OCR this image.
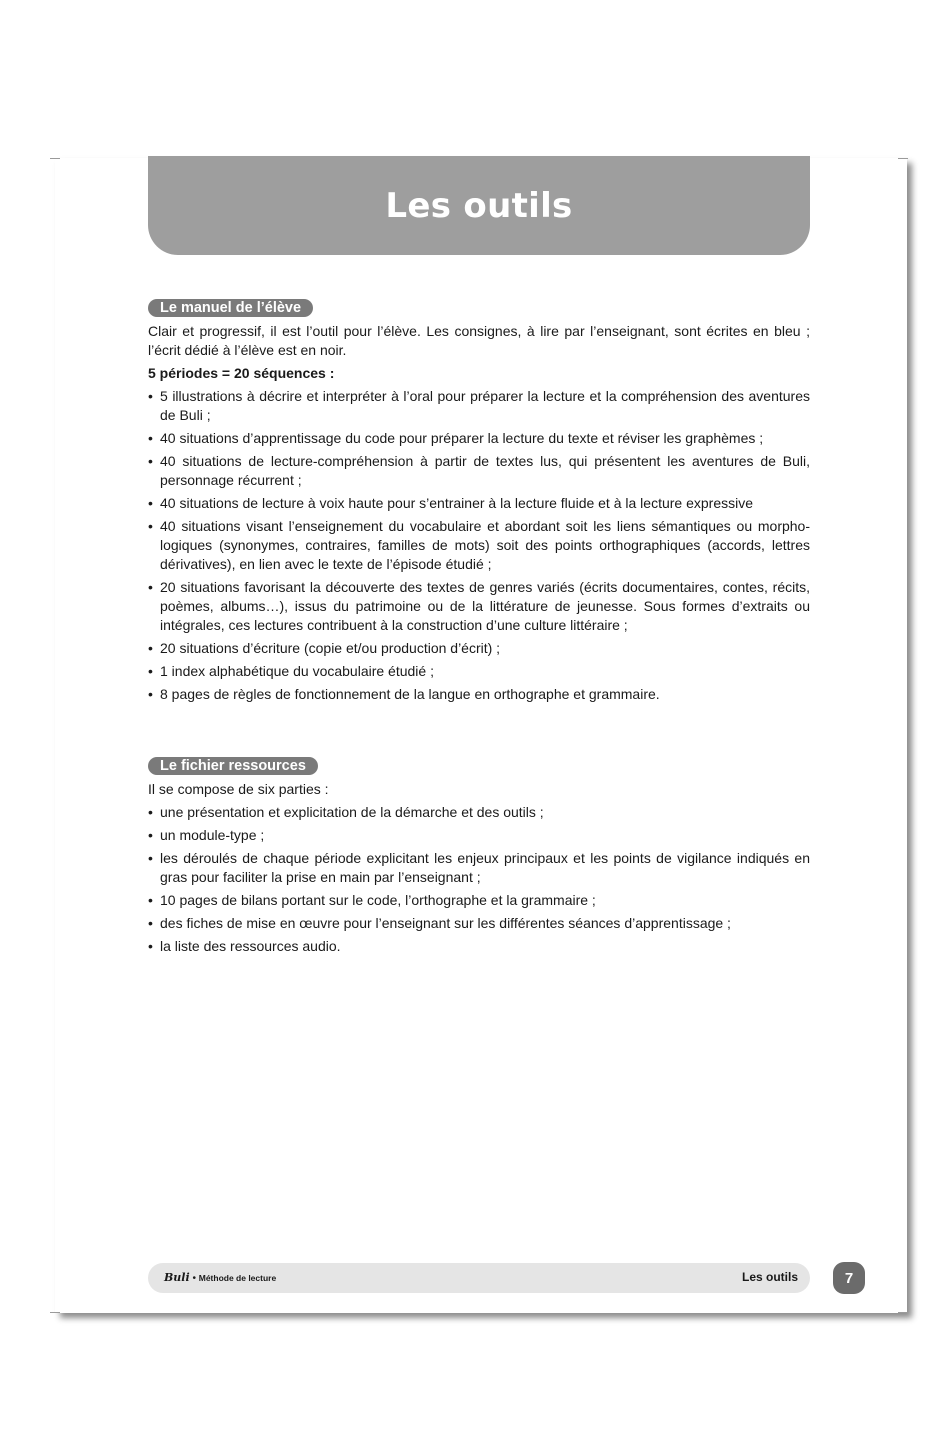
Les outils
Le manuel de l’élève

Clair et progressif, il est l’outil pour l’élève. Les consignes, à lire par l’enseignant, sont écrites en bleu ; l’écrit dédié à l’élève est en noir.

5 périodes = 20 séquences :

• 5 illustrations à décrire et interpréter à l’oral pour préparer la lecture et la compréhension des aventures de Buli ;
• 40 situations d’apprentissage du code pour préparer la lecture du texte et réviser les graphèmes ;
• 40 situations de lecture-compréhension à partir de textes lus, qui présentent les aventures de Buli, personnage récurrent ;
• 40 situations de lecture à voix haute pour s’entrainer à la lecture fluide et à la lecture expressive
• 40 situations visant l’enseignement du vocabulaire et abordant soit les liens sémantiques ou morpho-logiques (synonymes, contraires, familles de mots) soit des points orthographiques (accords, lettres dérivatives), en lien avec le texte de l’épisode étudié ;
• 20 situations favorisant la découverte des textes de genres variés (écrits documentaires, contes, récits, poèmes, albums…), issus du patrimoine ou de la littérature de jeunesse. Sous formes d’extraits ou intégrales, ces lectures contribuent à la construction d’une culture littéraire ;
• 20 situations d’écriture (copie et/ou production d’écrit) ;
• 1 index alphabétique du vocabulaire étudié ;
• 8 pages de règles de fonctionnement de la langue en orthographe et grammaire.
Le fichier ressources

Il se compose de six parties :

• une présentation et explicitation de la démarche et des outils ;
• un module-type ;
• les déroulés de chaque période explicitant les enjeux principaux et les points de vigilance indiqués en gras pour faciliter la prise en main par l’enseignant ;
• 10 pages de bilans portant sur le code, l’orthographe et la grammaire ;
• des fiches de mise en œuvre pour l’enseignant sur les différentes séances d’apprentissage ;
• la liste des ressources audio.
Buli • Méthode de lecture	Les outils	7
